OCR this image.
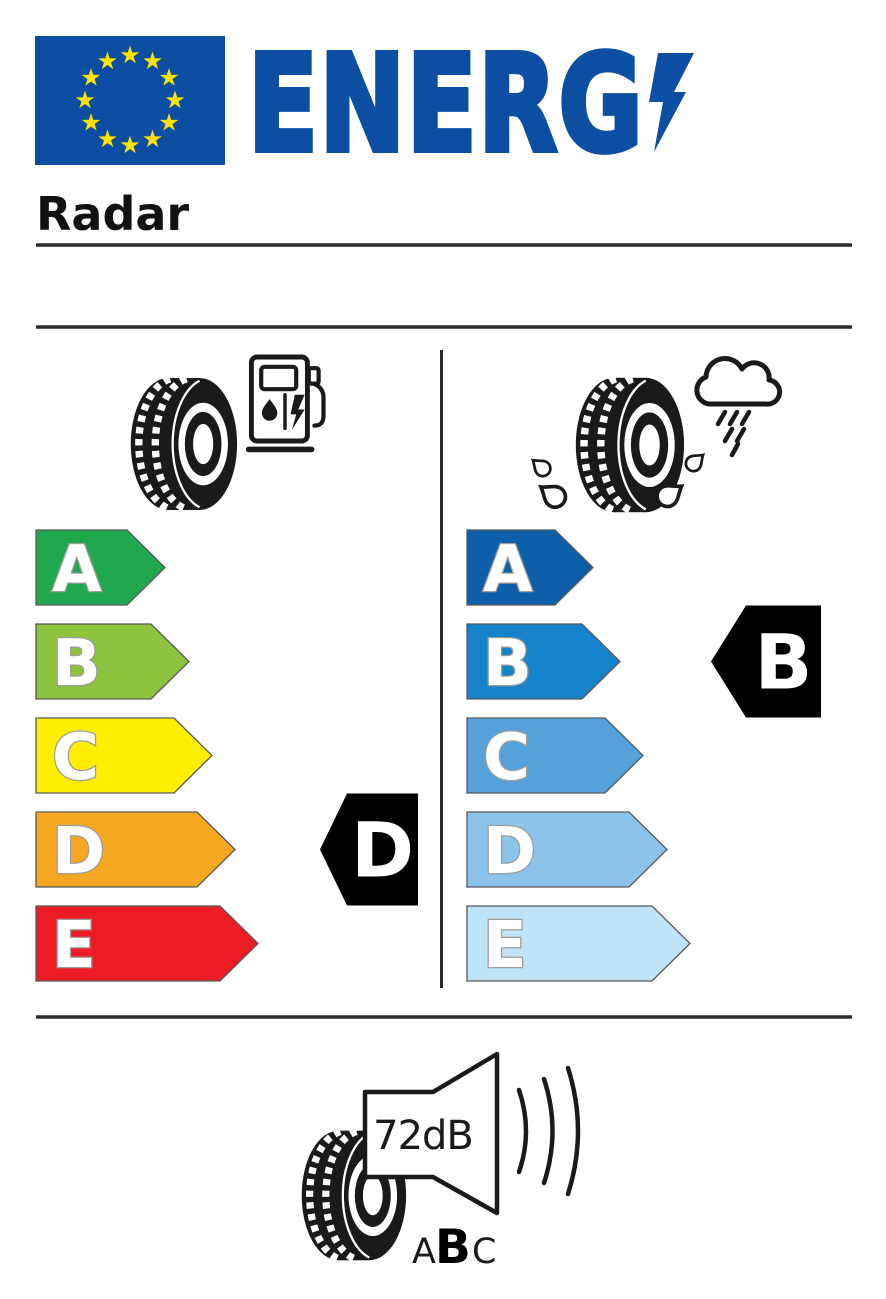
★ ★
★
★
★
★
★
★
★
★
★
★ ENERG
Radar
A
B
C
D
E
A
B
C
D
E
D
B
72dB
A B C
